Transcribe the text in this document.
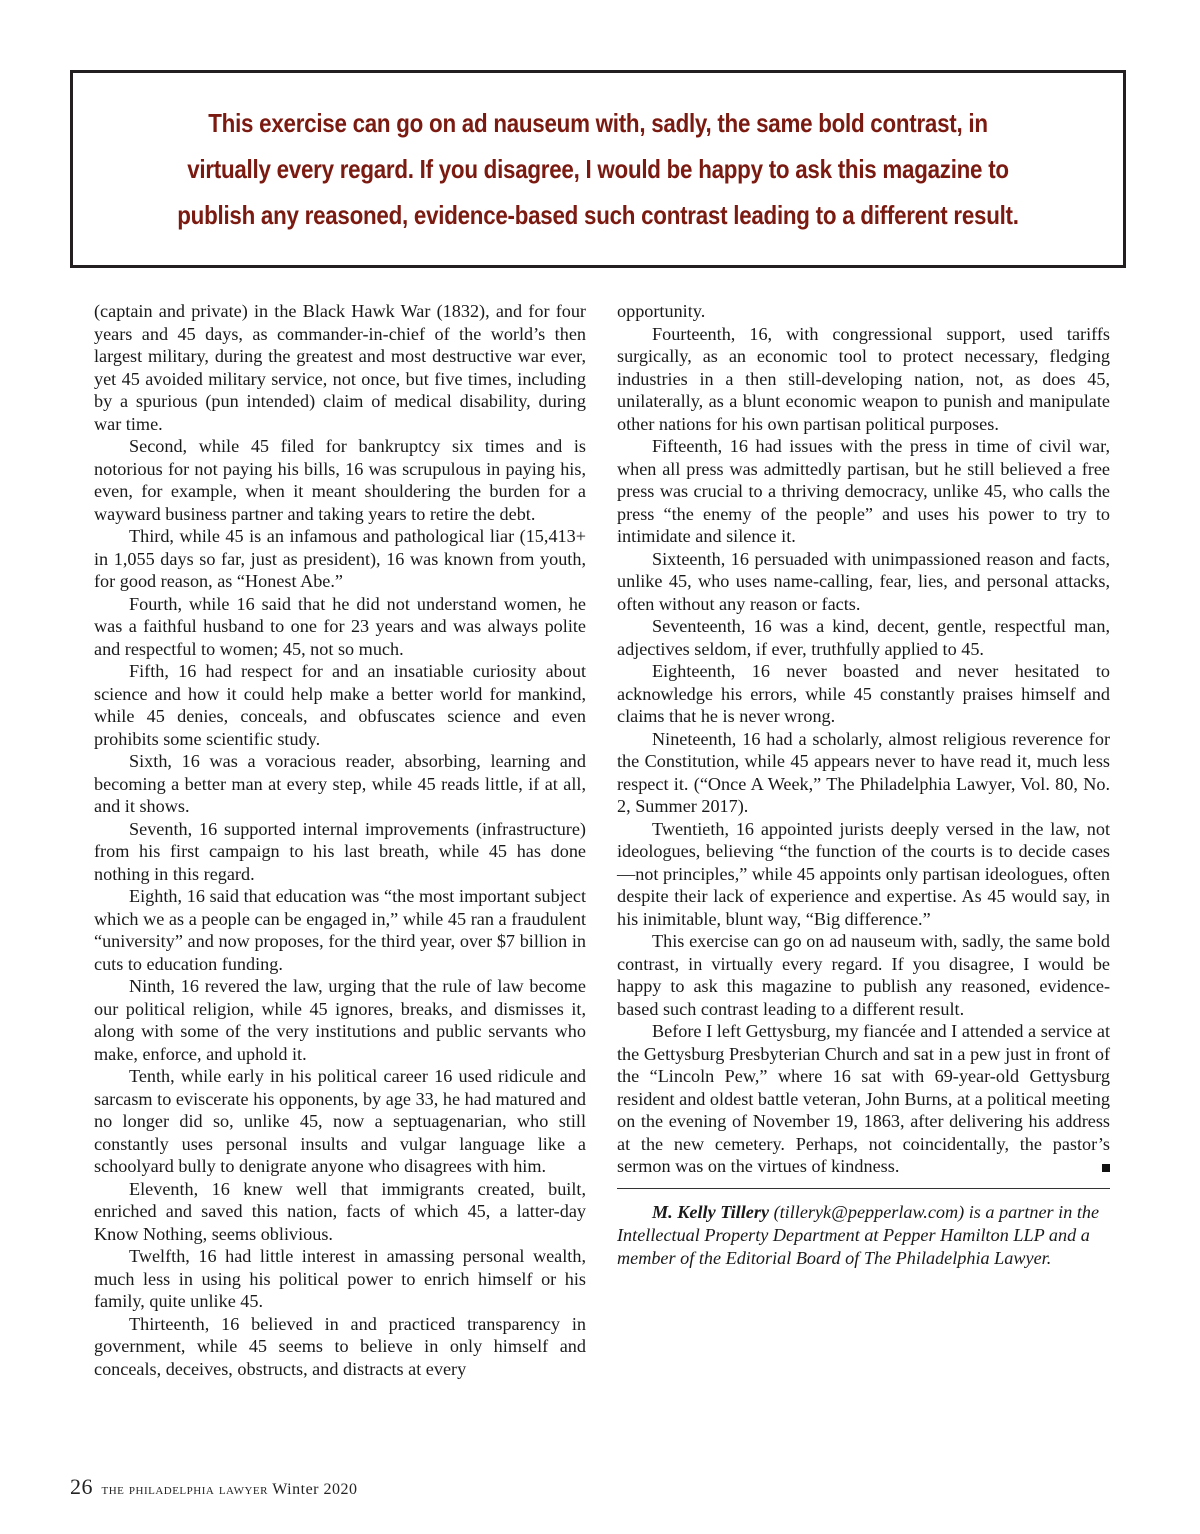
This exercise can go on ad nauseum with, sadly, the same bold contrast, in virtually every regard. If you disagree, I would be happy to ask this magazine to publish any reasoned, evidence-based such contrast leading to a different result.

(captain and private) in the Black Hawk War (1832), and for four years and 45 days, as commander-in-chief of the world’s then largest military, during the greatest and most destructive war ever, yet 45 avoided military service, not once, but five times, including by a spurious (pun intended) claim of medical disability, during war time.

Second, while 45 filed for bankruptcy six times and is notorious for not paying his bills, 16 was scrupulous in paying his, even, for example, when it meant shouldering the burden for a wayward business partner and taking years to retire the debt.

Third, while 45 is an infamous and pathological liar (15,413+ in 1,055 days so far, just as president), 16 was known from youth, for good reason, as “Honest Abe.”

Fourth, while 16 said that he did not understand women, he was a faithful husband to one for 23 years and was always polite and respectful to women; 45, not so much.

Fifth, 16 had respect for and an insatiable curiosity about science and how it could help make a better world for mankind, while 45 denies, conceals, and obfuscates science and even prohibits some scientific study.

Sixth, 16 was a voracious reader, absorbing, learning and becoming a better man at every step, while 45 reads little, if at all, and it shows.

Seventh, 16 supported internal improvements (infrastructure) from his first campaign to his last breath, while 45 has done nothing in this regard.

Eighth, 16 said that education was “the most important subject which we as a people can be engaged in,” while 45 ran a fraudulent “university” and now proposes, for the third year, over $7 billion in cuts to education funding.

Ninth, 16 revered the law, urging that the rule of law become our political religion, while 45 ignores, breaks, and dismisses it, along with some of the very institutions and public servants who make, enforce, and uphold it.

Tenth, while early in his political career 16 used ridicule and sarcasm to eviscerate his opponents, by age 33, he had matured and no longer did so, unlike 45, now a septuagenarian, who still constantly uses personal insults and vulgar language like a schoolyard bully to denigrate anyone who disagrees with him.

Eleventh, 16 knew well that immigrants created, built, enriched and saved this nation, facts of which 45, a latter-day Know Nothing, seems oblivious.

Twelfth, 16 had little interest in amassing personal wealth, much less in using his political power to enrich himself or his family, quite unlike 45.

Thirteenth, 16 believed in and practiced transparency in government, while 45 seems to believe in only himself and conceals, deceives, obstructs, and distracts at every

opportunity.

Fourteenth, 16, with congressional support, used tariffs surgically, as an economic tool to protect necessary, fledging industries in a then still-developing nation, not, as does 45, unilaterally, as a blunt economic weapon to punish and manipulate other nations for his own partisan political purposes.

Fifteenth, 16 had issues with the press in time of civil war, when all press was admittedly partisan, but he still believed a free press was crucial to a thriving democracy, unlike 45, who calls the press “the enemy of the people” and uses his power to try to intimidate and silence it.

Sixteenth, 16 persuaded with unimpassioned reason and facts, unlike 45, who uses name-calling, fear, lies, and personal attacks, often without any reason or facts.

Seventeenth, 16 was a kind, decent, gentle, respectful man, adjectives seldom, if ever, truthfully applied to 45.

Eighteenth, 16 never boasted and never hesitated to acknowledge his errors, while 45 constantly praises himself and claims that he is never wrong.

Nineteenth, 16 had a scholarly, almost religious reverence for the Constitution, while 45 appears never to have read it, much less respect it. (“Once A Week,” The Philadelphia Lawyer, Vol. 80, No. 2, Summer 2017).

Twentieth, 16 appointed jurists deeply versed in the law, not ideologues, believing “the function of the courts is to decide cases—not principles,” while 45 appoints only partisan ideologues, often despite their lack of experience and expertise. As 45 would say, in his inimitable, blunt way, “Big difference.”

This exercise can go on ad nauseum with, sadly, the same bold contrast, in virtually every regard. If you disagree, I would be happy to ask this magazine to publish any reasoned, evidence-based such contrast leading to a different result.

Before I left Gettysburg, my fiancée and I attended a service at the Gettysburg Presbyterian Church and sat in a pew just in front of the “Lincoln Pew,” where 16 sat with 69-year-old Gettysburg resident and oldest battle veteran, John Burns, at a political meeting on the evening of November 19, 1863, after delivering his address at the new cemetery. Perhaps, not coincidentally, the pastor’s sermon was on the virtues of kindness.

M. Kelly Tillery (tilleryk@pepperlaw.com) is a partner in the Intellectual Property Department at Pepper Hamilton LLP and a member of the Editorial Board of The Philadelphia Lawyer.

26 the philadelphia lawyer Winter 2020
